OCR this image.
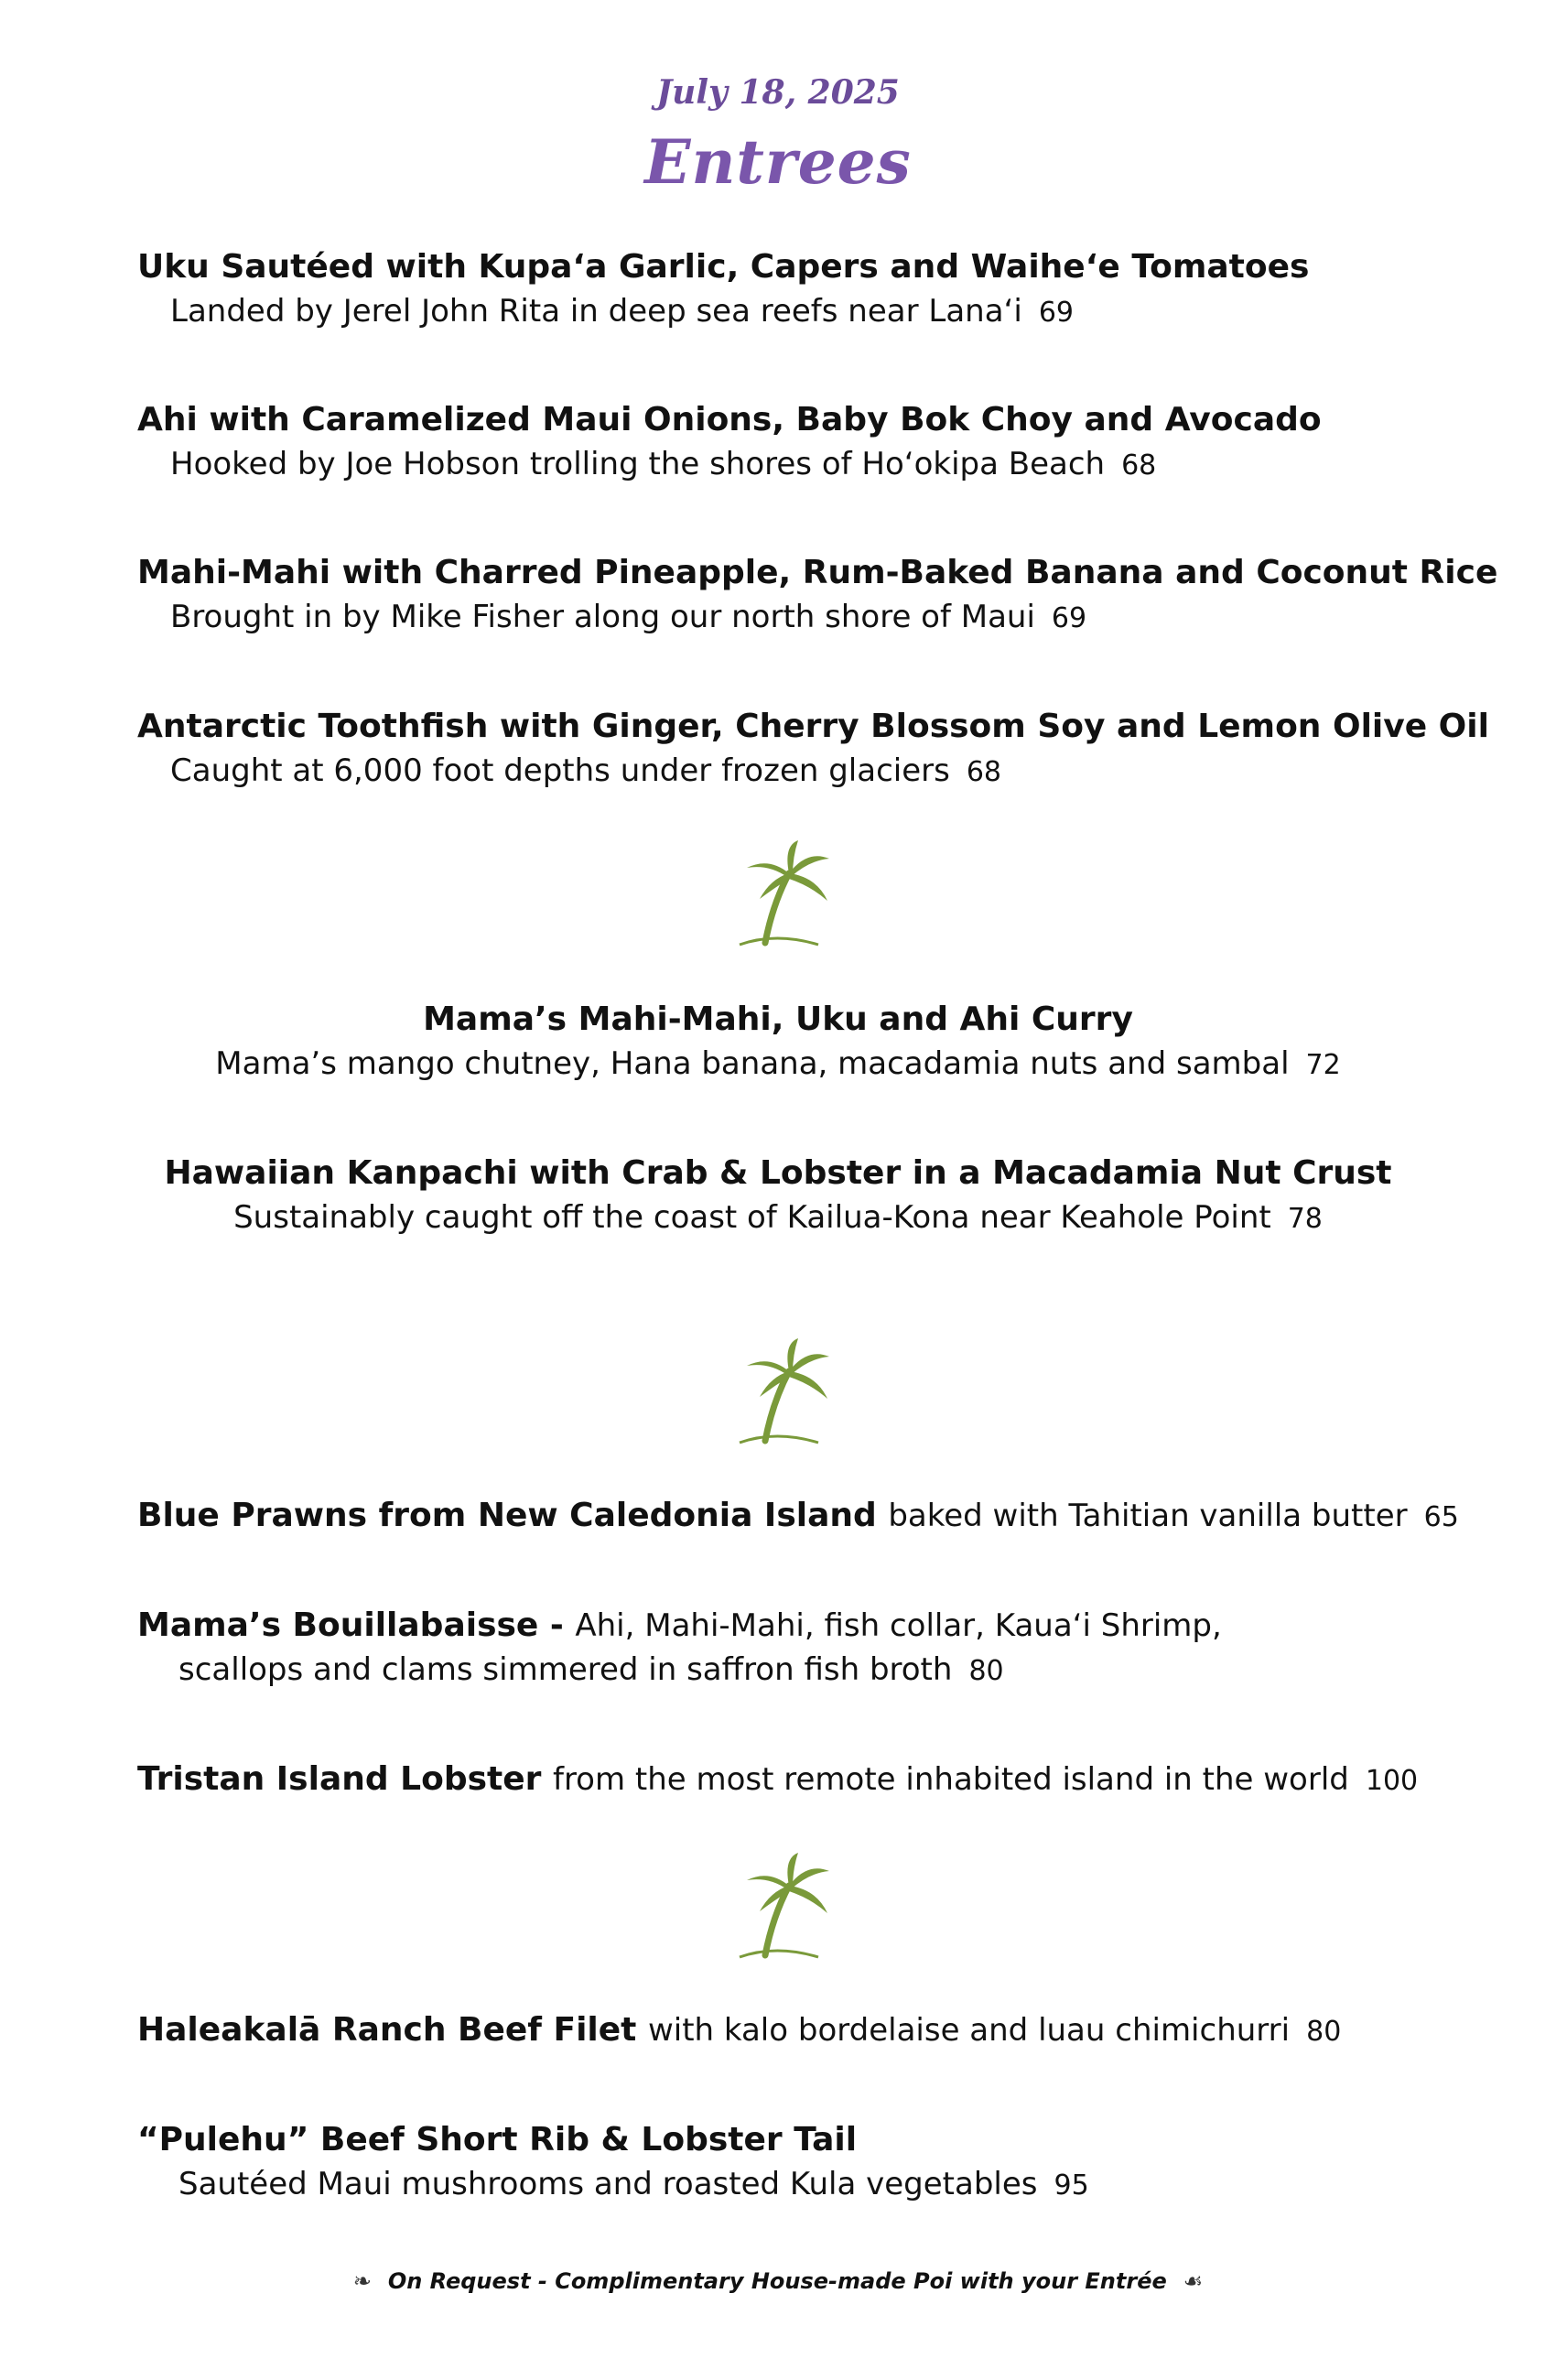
July 18, 2025
Entrees
Uku Sautéed with Kupa‘a Garlic, Capers and Waihe‘e Tomatoes
Landed by Jerel John Rita in deep sea reefs near Lana‘i 69
Ahi with Caramelized Maui Onions, Baby Bok Choy and Avocado
Hooked by Joe Hobson trolling the shores of Ho‘okipa Beach 68
Mahi-Mahi with Charred Pineapple, Rum-Baked Banana and Coconut Rice
Brought in by Mike Fisher along our north shore of Maui 69
Antarctic Toothfish with Ginger, Cherry Blossom Soy and Lemon Olive Oil
Caught at 6,000 foot depths under frozen glaciers 68
Mama’s Mahi-Mahi, Uku and Ahi Curry
Mama’s mango chutney, Hana banana, macadamia nuts and sambal 72
Hawaiian Kanpachi with Crab & Lobster in a Macadamia Nut Crust
Sustainably caught off the coast of Kailua-Kona near Keahole Point 78
Blue Prawns from New Caledonia Island baked with Tahitian vanilla butter 65
Mama’s Bouillabaisse - Ahi, Mahi-Mahi, fish collar, Kaua‘i Shrimp,
scallops and clams simmered in saffron fish broth 80
Tristan Island Lobster from the most remote inhabited island in the world 100
Haleakalā Ranch Beef Filet with kalo bordelaise and luau chimichurri 80
“Pulehu” Beef Short Rib & Lobster Tail
Sautéed Maui mushrooms and roasted Kula vegetables 95
❧ On Request - Complimentary House-made Poi with your Entrée ☙
